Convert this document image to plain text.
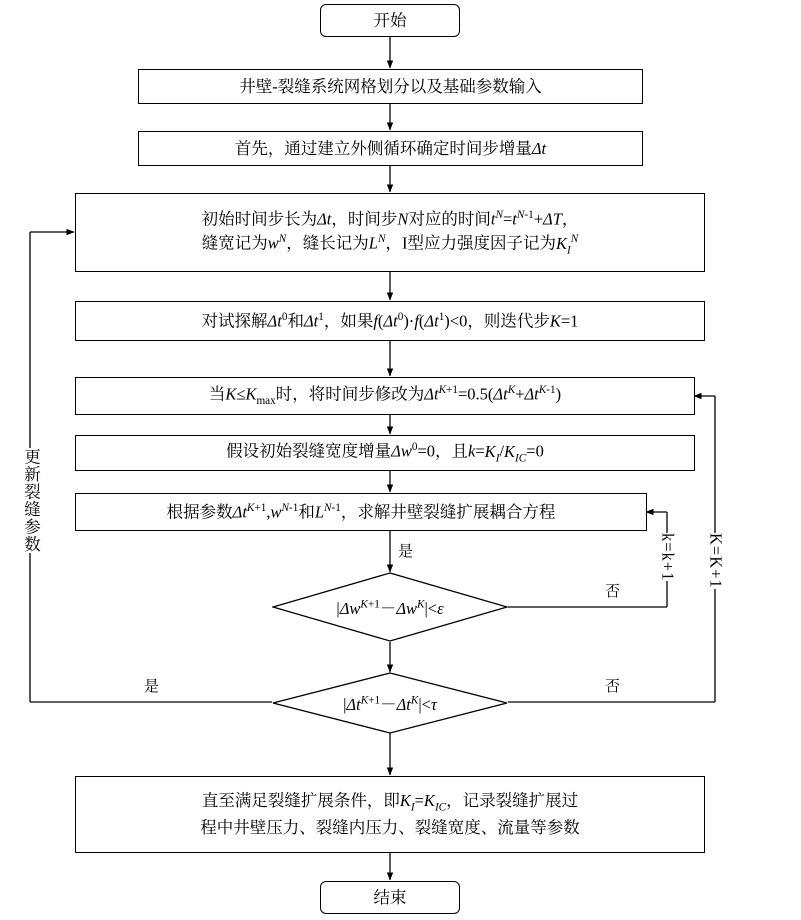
开始
井壁-裂缝系统网格划分以及基础参数输入
首先，通过建立外侧循环确定时间步增量Δt
初始时间步长为Δt，时间步N对应的时间$t^N=t^{N-1}+\Delta T$，
缝宽记为$w^N$，缝长记为$L^N$，I型应力强度因子记为$K_I^N$
对试探解$\Delta t^0$和$\Delta t^1$，如果$f(\Delta t^0)\cdot f(\Delta t^1)<0$，则迭代步K=1
当$K\le K_{max}$时，将时间步修改为$\Delta t^{K+1}=0.5(\Delta t^K+\Delta t^{K-1})$
假设初始裂缝宽度增量$\Delta w^0=0$，且$k=K_I/K_{IC}=0$
根据参数$\Delta t^{K+1},w^{N-1}$和$L^{N-1}$，求解井壁裂缝扩展耦合方程
$|\Delta w^{K+1}-\Delta w^K|<\varepsilon$
$|\Delta t^{K+1}-\Delta t^K|<\tau$
直至满足裂缝扩展条件，即$K_I=K_{IC}$，记录裂缝扩展过
程中井壁压力、裂缝内压力、裂缝宽度、流量等参数
结束
是
否
是	否
k=k+1 K=K+1
更新裂缝参数
